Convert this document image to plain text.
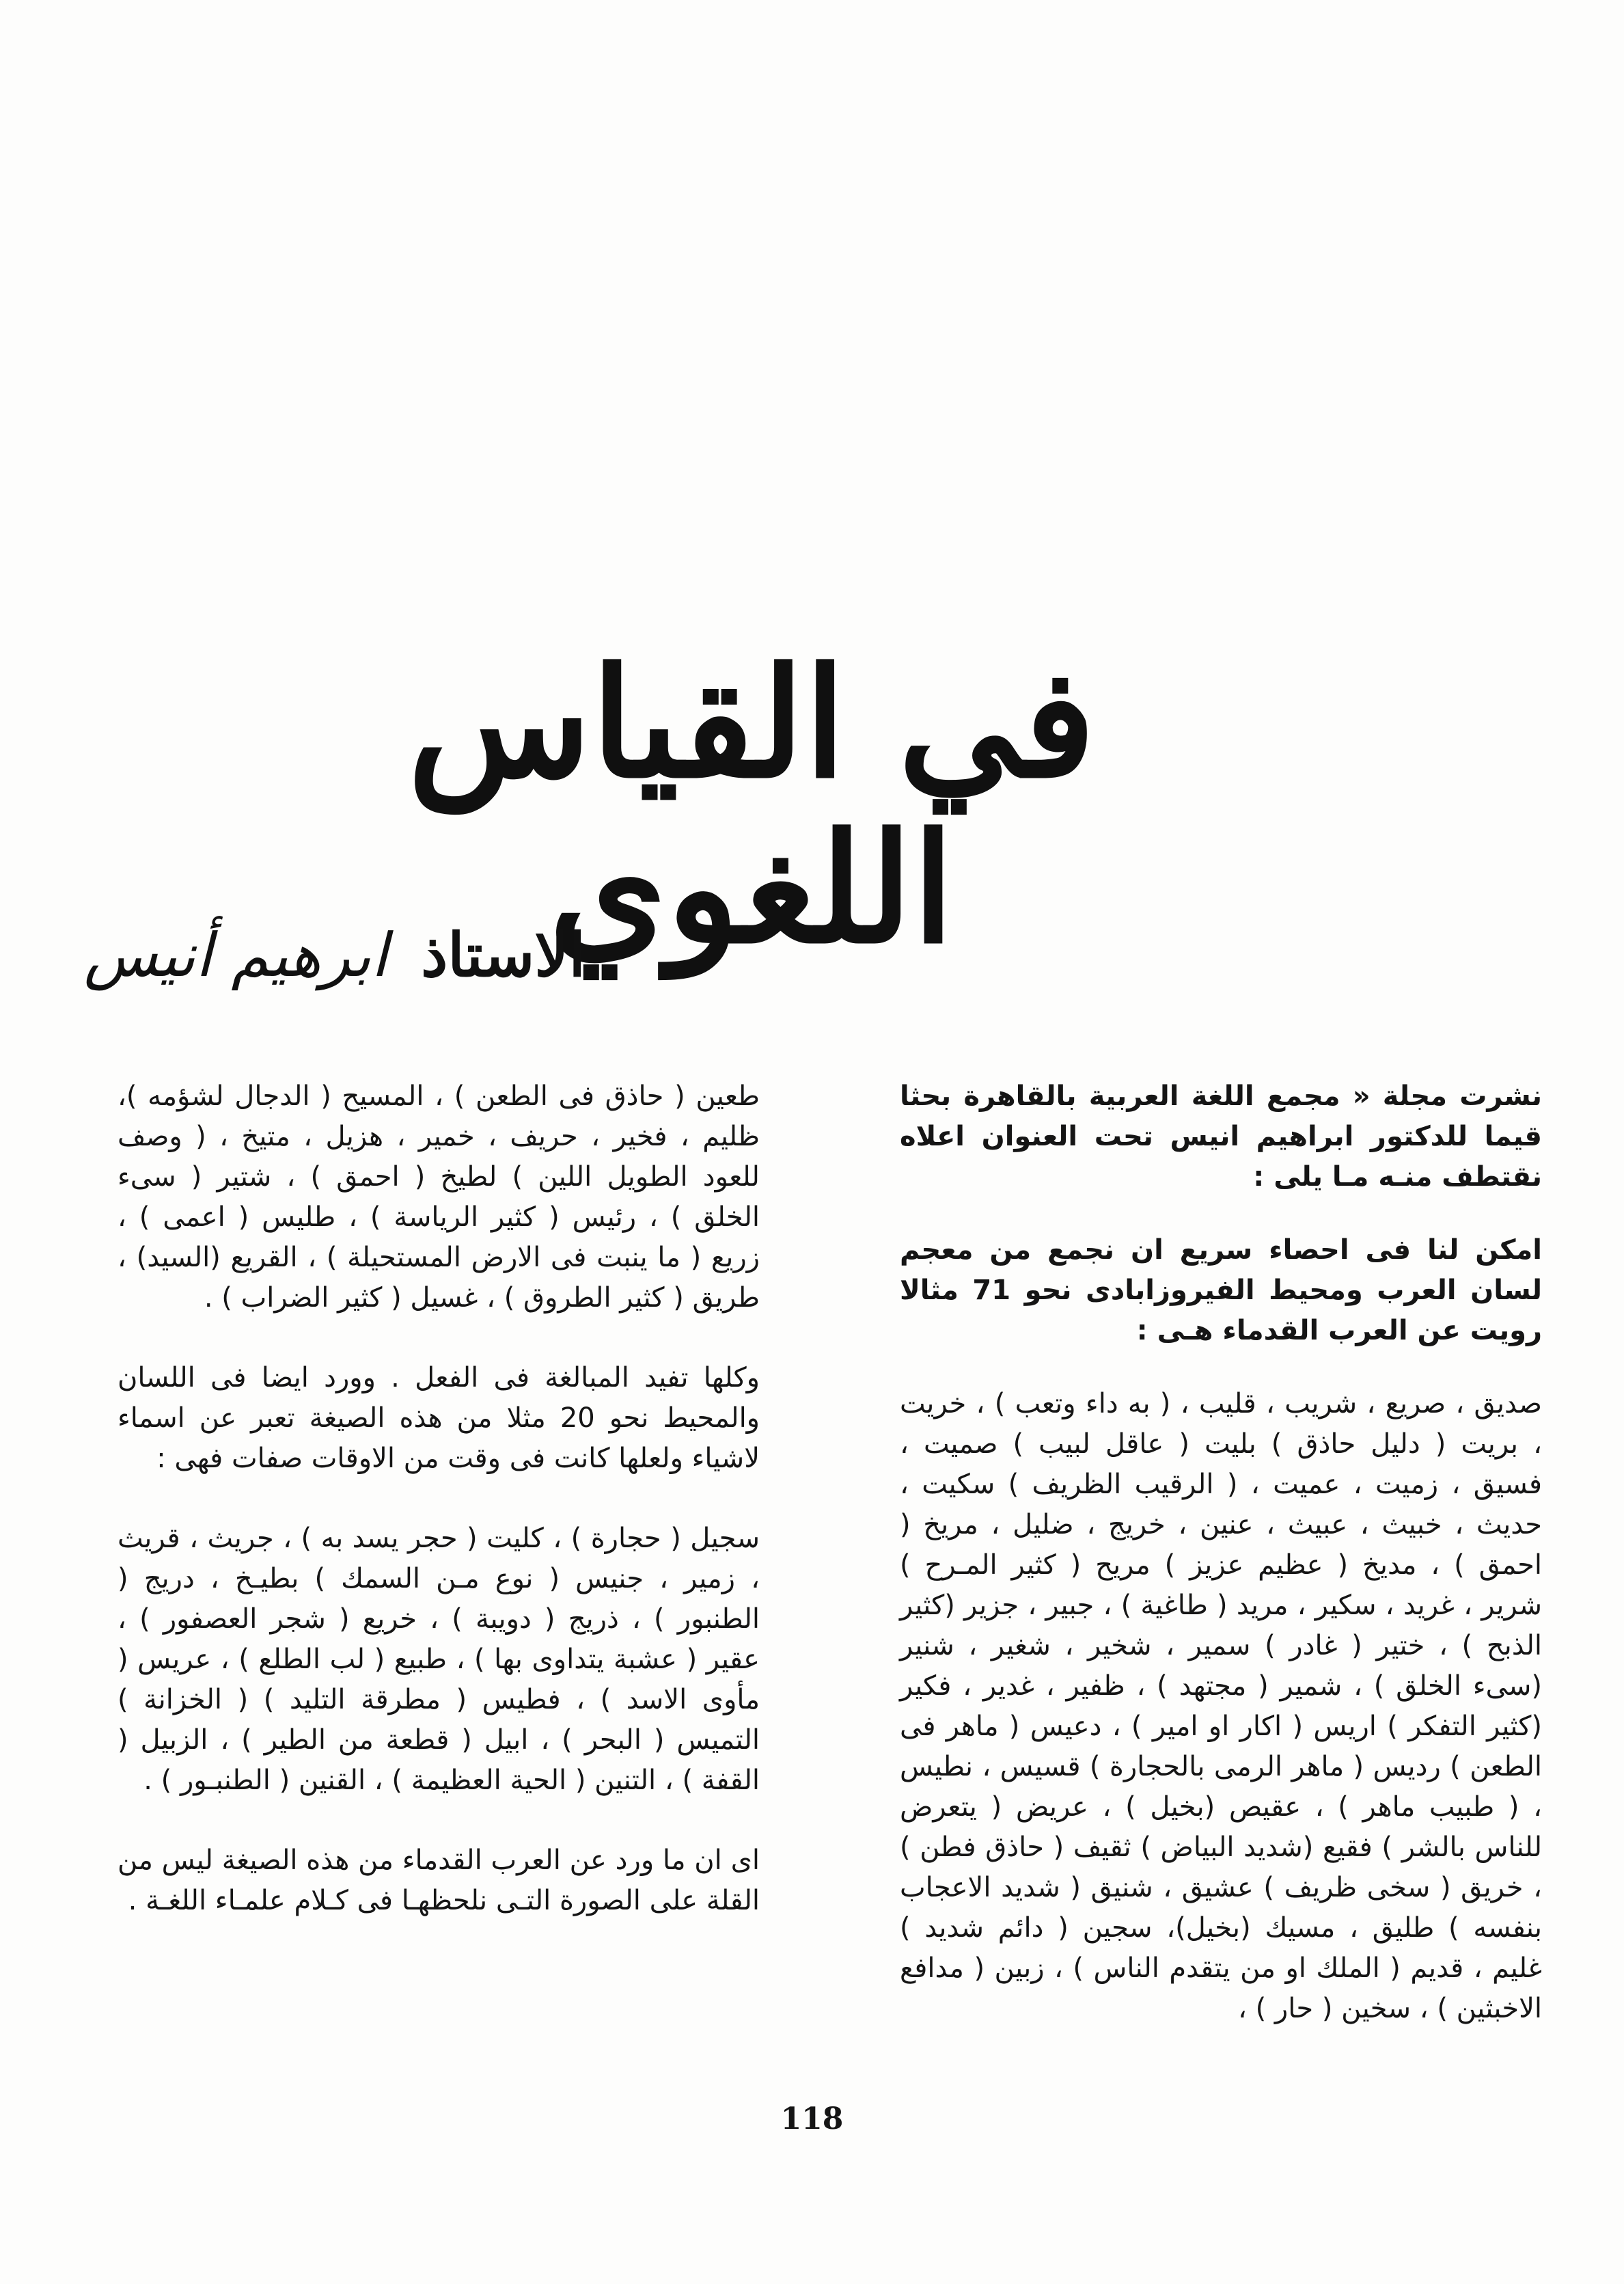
في القياس اللغوي
الاستاذ ابرهيم أنيس

نشرت مجلة « مجمع اللغة العربية بالقاهرة بحثا قيما للدكتور ابراهيم انيس تحت العنوان اعلاه نقتطف منـه مـا يلى :

امكن لنا فى احصاء سريع ان نجمع من معجم لسان العرب ومحيط الفيروزابادى نحو 71 مثالا رويت عن العرب القدماء هـى :

صديق ، صريع ، شريب ، قليب ، ( به داء وتعب ) ، خريت ، بريت ( دليل حاذق ) بليت ( عاقل لبيب ) صميت ، فسيق ، زميت ، عميت ، ( الرقيب الظريف ) سكيت ، حديث ، خبيث ، عبيث ، عنين ، خريج ، ضليل ، مريخ ( احمق ) ، مديخ ( عظيم عزيز ) مريح ( كثير المـرح ) شرير ، غريد ، سكير ، مريد ( طاغية ) ، جبير ، جزير (كثير الذبح ) ، ختير ( غادر ) سمير ، شخير ، شغير ، شنير (سىء الخلق ) ، شمير ( مجتهد ) ، ظفير ، غدير ، فكير (كثير التفكر ) اريس ( اكار او امير ) ، دعيس ( ماهر فى الطعن ) رديس ( ماهر الرمى بالحجارة ) قسيس ، نطيس ، ( طبيب ماهر ) ، عقيص (بخيل ) ، عريض ( يتعرض للناس بالشر ) فقيع (شديد البياض ) ثقيف ( حاذق فطن ) ، خريق ( سخى ظريف ) عشيق ، شنيق ( شديد الاعجاب بنفسه ) طليق ، مسيك (بخيل)، سجين ( دائم شديد ) غليم ، قديم ( الملك او من يتقدم الناس ) ، زبين ( مدافع الاخبثين ) ، سخين ( حار ) ،

طعين ( حاذق فى الطعن ) ، المسيح ( الدجال لشؤمه )، ظليم ، فخير ، حريف ، خمير ، هزيل ، متيخ ، ( وصف للعود الطويل اللين ) لطيخ ( احمق ) ، شتير ( سىء الخلق ) ، رئيس ( كثير الرياسة ) ، طليس ( اعمى ) ، زريع ( ما ينبت فى الارض المستحيلة ) ، القريع (السيد) ، طريق ( كثير الطروق ) ، غسيل ( كثير الضراب ) .

وكلها تفيد المبالغة فى الفعل . وورد ايضا فى اللسان والمحيط نحو 20 مثلا من هذه الصيغة تعبر عن اسماء لاشياء ولعلها كانت فى وقت من الاوقات صفات فهى :

سجيل ( حجارة ) ، كليت ( حجر يسد به ) ، جريث ، قريث ، زمير ، جنيس ( نوع مـن السمك ) بطيـخ ، دريج ( الطنبور ) ، ذريج ( دويبة ) ، خريع ( شجر العصفور ) ، عقير ( عشبة يتداوى بها ) ، طبيع ( لب الطلع ) ، عريس ( مأوى الاسد ) ، فطيس ( مطرقة التليد ) ( الخزانة ) التميس ( البحر ) ، ابيل ( قطعة من الطير ) ، الزبيل ( القفة ) ، التنين ( الحية العظيمة ) ، القنين ( الطنبـور ) .

اى ان ما ورد عن العرب القدماء من هذه الصيغة ليس من القلة على الصورة التـى نلحظهـا فى كـلام علمـاء اللغـة .

118
